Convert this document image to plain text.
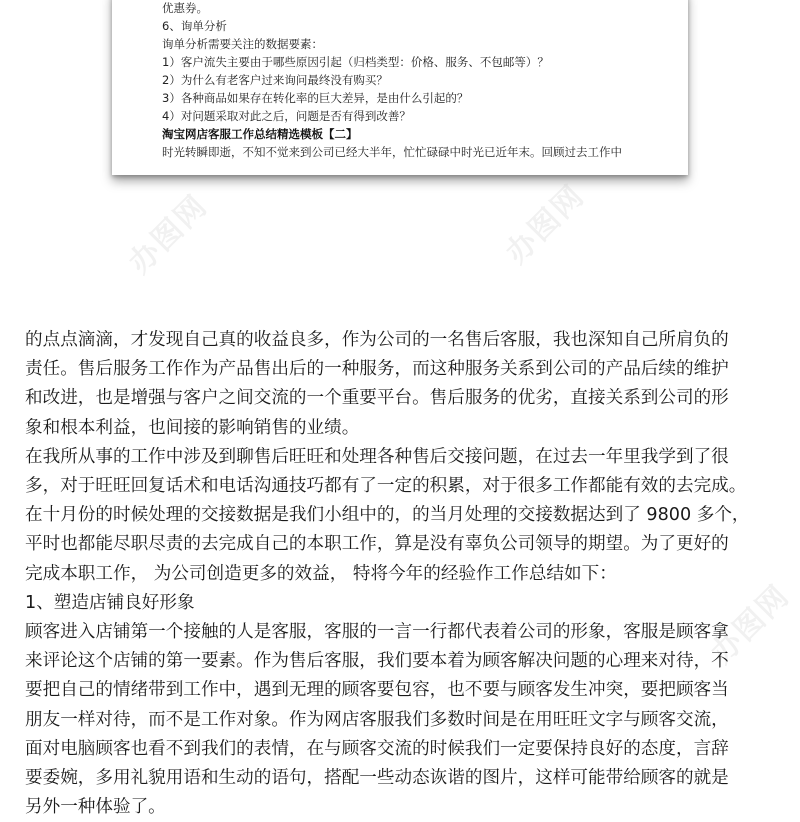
优惠券。
6、询单分析
询单分析需要关注的数据要素：
1）客户流失主要由于哪些原因引起（归档类型：价格、服务、不包邮等）？
2）为什么有老客户过来询问最终没有购买？
3）各种商品如果存在转化率的巨大差异，是由什么引起的？
4）对问题采取对此之后，问题是否有得到改善？
淘宝网店客服工作总结精选模板【二】
时光转瞬即逝，不知不觉来到公司已经大半年，忙忙碌碌中时光已近年末。回顾过去工作中
办图网	办图网
办图网
的点点滴滴，才发现自己真的收益良多，作为公司的一名售后客服，我也深知自己所肩负的
责任。售后服务工作作为产品售出后的一种服务，而这种服务关系到公司的产品后续的维护
和改进，也是增强与客户之间交流的一个重要平台。售后服务的优劣，直接关系到公司的形
象和根本利益，也间接的影响销售的业绩。
在我所从事的工作中涉及到聊售后旺旺和处理各种售后交接问题，在过去一年里我学到了很
多，对于旺旺回复话术和电话沟通技巧都有了一定的积累，对于很多工作都能有效的去完成。
在十月份的时候处理的交接数据是我们小组中的，的当月处理的交接数据达到了 9800 多个，
平时也都能尽职尽责的去完成自己的本职工作，算是没有辜负公司领导的期望。为了更好的
完成本职工作， 为公司创造更多的效益， 特将今年的经验作工作总结如下：
1、塑造店铺良好形象
顾客进入店铺第一个接触的人是客服，客服的一言一行都代表着公司的形象，客服是顾客拿
来评论这个店铺的第一要素。作为售后客服，我们要本着为顾客解决问题的心理来对待，不
要把自己的情绪带到工作中，遇到无理的顾客要包容，也不要与顾客发生冲突，要把顾客当
朋友一样对待，而不是工作对象。作为网店客服我们多数时间是在用旺旺文字与顾客交流，
面对电脑顾客也看不到我们的表情，在与顾客交流的时候我们一定要保持良好的态度，言辞
要委婉，多用礼貌用语和生动的语句，搭配一些动态诙谐的图片，这样可能带给顾客的就是
另外一种体验了。
